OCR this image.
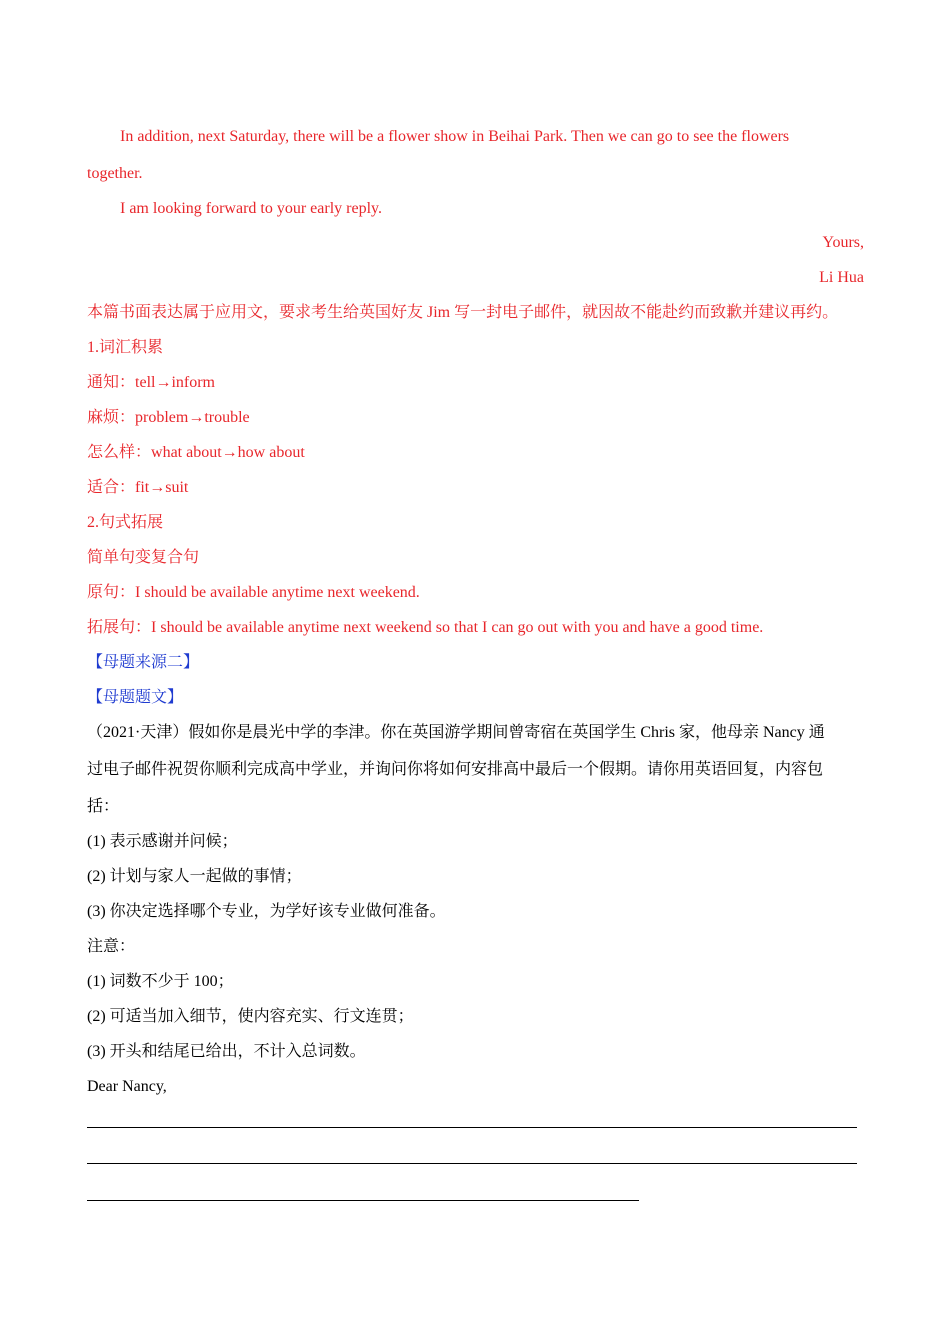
In addition, next Saturday, there will be a flower show in Beihai Park. Then we can go to see the flowers
together.
I am looking forward to your early reply.
Yours,
Li Hua
本篇书面表达属于应用文，要求考生给英国好友 Jim 写一封电子邮件，就因故不能赴约而致歉并建议再约。
1.词汇积累
通知：tell→inform
麻烦：problem→trouble
怎么样：what about→how about
适合：fit→suit
2.句式拓展
简单句变复合句
原句：I should be available anytime next weekend.
拓展句：I should be available anytime next weekend so that I can go out with you and have a good time.
【母题来源二】
【母题题文】
（2021·天津）假如你是晨光中学的李津。你在英国游学期间曾寄宿在英国学生 Chris 家，他母亲 Nancy 通
过电子邮件祝贺你顺利完成高中学业，并询问你将如何安排高中最后一个假期。请你用英语回复，内容包
括：
(1) 表示感谢并问候；
(2) 计划与家人一起做的事情；
(3) 你决定选择哪个专业，为学好该专业做何准备。
注意：
(1) 词数不少于 100；
(2) 可适当加入细节，使内容充实、行文连贯；
(3) 开头和结尾已给出，不计入总词数。
Dear Nancy,
